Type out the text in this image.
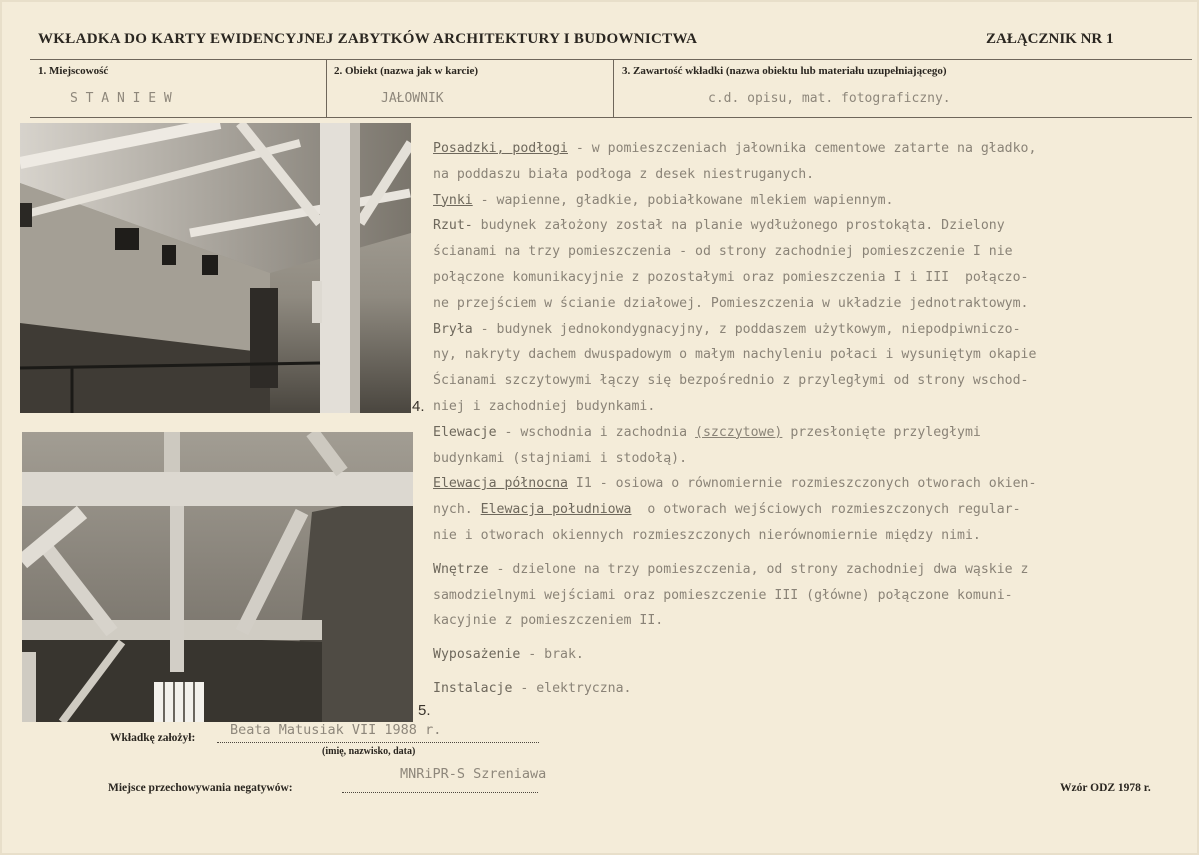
WKŁADKA DO KARTY EWIDENCYJNEJ ZABYTKÓW ARCHITEKTURY I BUDOWNICTWA	ZAŁĄCZNIK NR 1
1. Miejscowość	2. Obiekt (nazwa jak w karcie)	3. Zawartość wkładki (nazwa obiektu lub materiału uzupełniającego)
S T A N I E W	JAŁOWNIK	c.d. opisu, mat. fotograficzny.
4.
5.

Posadzki, podłogi - w pomieszczeniach jałownika cementowe zatarte na gładko,

na poddaszu biała podłoga z desek niestruganych.

Tynki - wapienne, gładkie, pobiałkowane mlekiem wapiennym.

Rzut- budynek założony został na planie wydłużonego prostokąta. Dzielony

ścianami na trzy pomieszczenia - od strony zachodniej pomieszczenie I nie

połączone komunikacyjnie z pozostałymi oraz pomieszczenia I i III  połączo-

ne przejściem w ścianie działowej. Pomieszczenia w układzie jednotraktowym.

Bryła - budynek jednokondygnacyjny, z poddaszem użytkowym, niepodpiwniczo-

ny, nakryty dachem dwuspadowym o małym nachyleniu połaci i wysuniętym okapie

Ścianami szczytowymi łączy się bezpośrednio z przyległymi od strony wschod-

niej i zachodniej budynkami.

Elewacje - wschodnia i zachodnia (szczytowe) przesłonięte przyległymi

budynkami (stajniami i stodołą).

Elewacja północna I1 - osiowa o równomiernie rozmieszczonych otworach okien-

nych. Elewacja południowa  o otworach wejściowych rozmieszczonych regular-

nie i otworach okiennych rozmieszczonych nierównomiernie między nimi.

Wnętrze - dzielone na trzy pomieszczenia, od strony zachodniej dwa wąskie z

samodzielnymi wejściami oraz pomieszczenie III (główne) połączone komuni-

kacyjnie z pomieszczeniem II.

Wyposażenie - brak.

Instalacje - elektryczna.

Wkładkę założył:	Beata Matusiak VII 1988 r.
(imię, nazwisko, data)
Miejsce przechowywania negatywów:
MNRiPR-S Szreniawa
Wzór ODZ 1978 r.
